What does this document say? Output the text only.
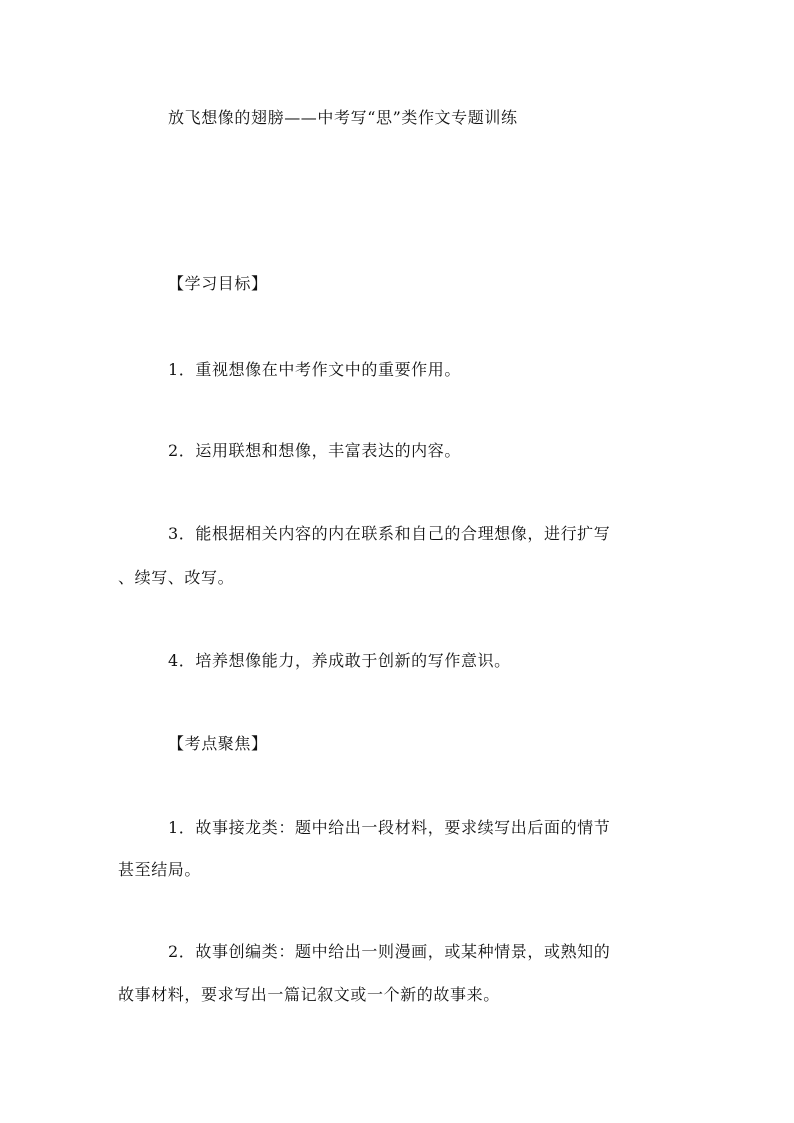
放飞想像的翅膀——中考写“思”类作文专题训练
【学习目标】
1．重视想像在中考作文中的重要作用。
2．运用联想和想像，丰富表达的内容。
3．能根据相关内容的内在联系和自己的合理想像，进行扩写
、续写、改写。
4．培养想像能力，养成敢于创新的写作意识。
【考点聚焦】
1．故事接龙类：题中给出一段材料，要求续写出后面的情节
甚至结局。
2．故事创编类：题中给出一则漫画，或某种情景，或熟知的
故事材料，要求写出一篇记叙文或一个新的故事来。
